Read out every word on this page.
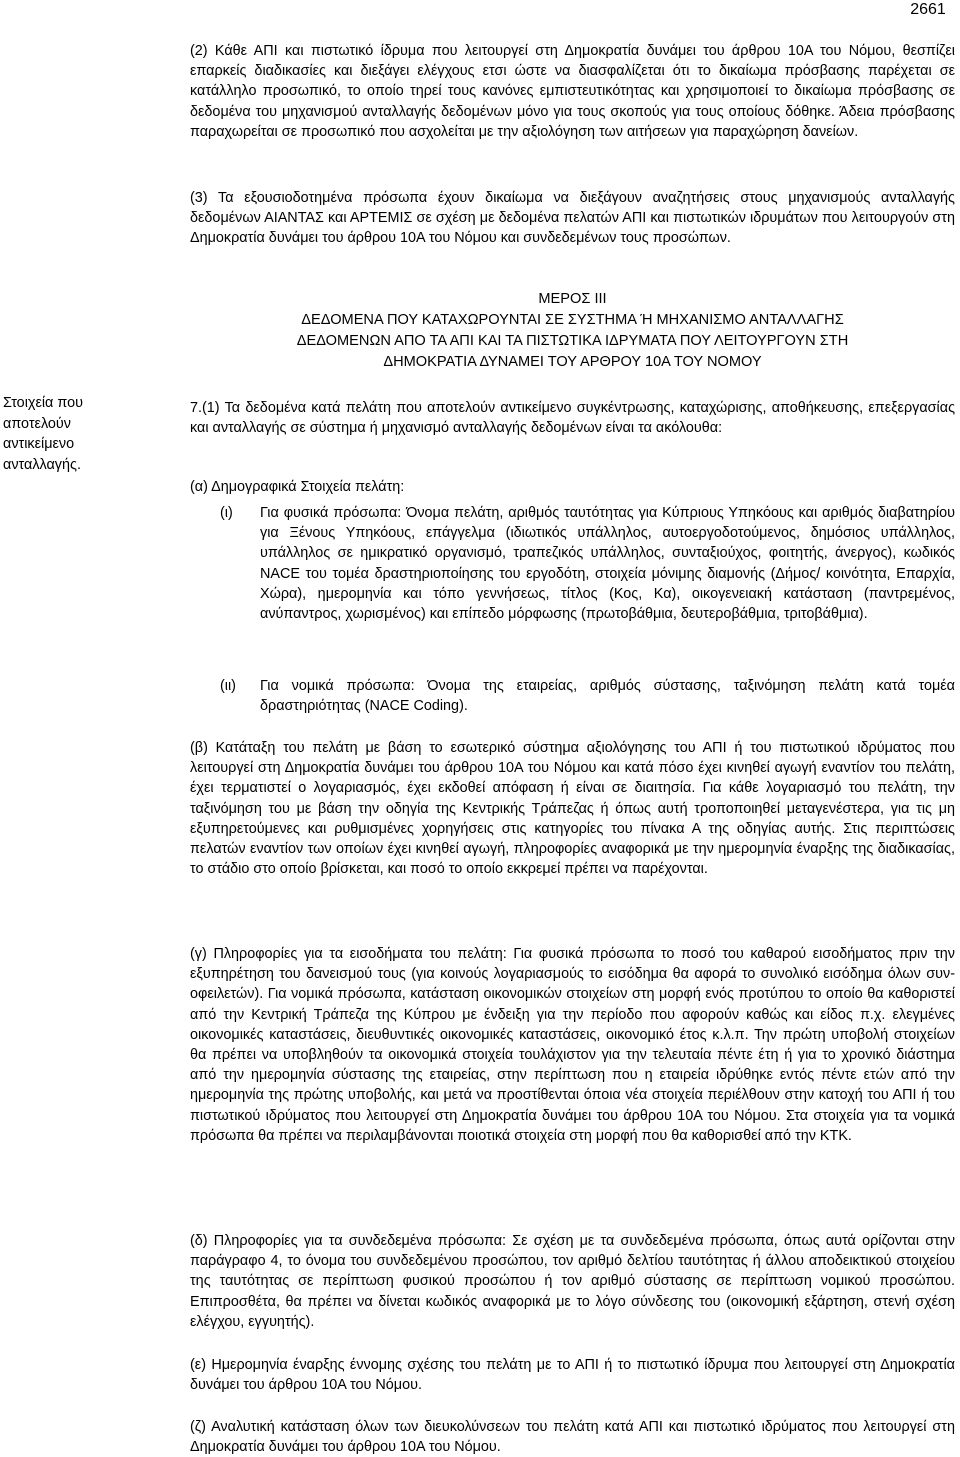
2661

(2) Κάθε ΑΠΙ και πιστωτικό ίδρυμα που λειτουργεί στη Δημοκρατία δυνάμει του άρθρου 10Α του Νόμου, θεσπίζει επαρκείς διαδικασίες και διεξάγει ελέγχους ετσι ώστε να διασφαλίζεται ότι το δικαίωμα πρόσβασης παρέχεται σε κατάλληλο προσωπικό, το οποίο τηρεί τους κανόνες εμπιστευτικότητας και χρησιμοποιεί το δικαίωμα πρόσβασης σε δεδομένα του μηχανισμού ανταλλαγής δεδομένων μόνο για τους σκοπούς για τους οποίους δόθηκε. Άδεια πρόσβασης παραχωρείται σε προσωπικό που ασχολείται με την αξιολόγηση των αιτήσεων για παραχώρηση δανείων.

(3) Τα εξουσιοδοτημένα πρόσωπα έχουν δικαίωμα να διεξάγουν αναζητήσεις στους μηχανισμούς ανταλλαγής δεδομένων ΑΙΑΝΤΑΣ και ΑΡΤΕΜΙΣ σε σχέση με δεδομένα πελατών ΑΠΙ και πιστωτικών ιδρυμάτων που λειτουργούν στη Δημοκρατία δυνάμει του άρθρου 10Α του Νόμου και συνδεδεμένων τους προσώπων.

ΜΕΡΟΣ ΙΙΙ
ΔΕΔΟΜΕΝΑ ΠΟΥ ΚΑΤΑΧΩΡΟΥΝΤΑΙ ΣΕ ΣΥΣΤΗΜΑ Ή ΜΗΧΑΝΙΣΜΟ ΑΝΤΑΛΛΑΓΗΣ
ΔΕΔΟΜΕΝΩΝ ΑΠΟ ΤΑ ΑΠΙ ΚΑΙ ΤΑ ΠΙΣΤΩΤΙΚΑ ΙΔΡΥΜΑΤΑ ΠΟΥ ΛΕΙΤΟΥΡΓΟΥΝ ΣΤΗ
ΔΗΜΟΚΡΑΤΙΑ ΔΥΝΑΜΕΙ ΤΟΥ ΑΡΘΡΟΥ 10Α ΤΟΥ ΝΟΜΟΥ
Στοιχεία που αποτελούν αντικείμενο ανταλλαγής.

7.(1) Τα δεδομένα κατά πελάτη που αποτελούν αντικείμενο συγκέντρωσης, καταχώρισης, αποθήκευσης, επεξεργασίας και ανταλλαγής σε σύστημα ή μηχανισμό ανταλλαγής δεδομένων είναι τα ακόλουθα:

(α) Δημογραφικά Στοιχεία πελάτη:

(ι)	Για φυσικά πρόσωπα: Όνομα πελάτη, αριθμός ταυτότητας για Κύπριους Υπηκόους και αριθμός διαβατηρίου για Ξένους Υπηκόους, επάγγελμα (ιδιωτικός υπάλληλος, αυτοεργοδοτούμενος, δημόσιος υπάλληλος, υπάλληλος σε ημικρατικό οργανισμό, τραπεζικός υπάλληλος, συνταξιούχος, φοιτητής, άνεργος), κωδικός NACE του τομέα δραστηριοποίησης του εργοδότη, στοιχεία μόνιμης διαμονής (Δήμος/ κοινότητα, Επαρχία, Χώρα), ημερομηνία και τόπο γεννήσεως, τίτλος (Κος, Κα), οικογενειακή κατάσταση (παντρεμένος, ανύπαντρος, χωρισμένος) και επίπεδο μόρφωσης (πρωτοβάθμια, δευτεροβάθμια, τριτοβάθμια).
(ιι)	Για νομικά πρόσωπα: Όνομα της εταιρείας, αριθμός σύστασης, ταξινόμηση πελάτη κατά τομέα δραστηριότητας (NACE Coding).

(β) Κατάταξη του πελάτη με βάση το εσωτερικό σύστημα αξιολόγησης του ΑΠΙ ή του πιστωτικού ιδρύματος που λειτουργεί στη Δημοκρατία δυνάμει του άρθρου 10Α του Νόμου και κατά πόσο έχει κινηθεί αγωγή εναντίον του πελάτη, έχει τερματιστεί ο λογαριασμός, έχει εκδοθεί απόφαση ή είναι σε διαιτησία. Για κάθε λογαριασμό του πελάτη, την ταξινόμηση του με βάση την οδηγία της Κεντρικής Τράπεζας ή όπως αυτή τροποποιηθεί μεταγενέστερα, για τις μη εξυπηρετούμενες και ρυθμισμένες χορηγήσεις στις κατηγορίες του πίνακα Α της οδηγίας αυτής. Στις περιπτώσεις πελατών εναντίον των οποίων έχει κινηθεί αγωγή, πληροφορίες αναφορικά με την ημερομηνία έναρξης της διαδικασίας, το στάδιο στο οποίο βρίσκεται, και ποσό το οποίο εκκρεμεί πρέπει να παρέχονται.

(γ) Πληροφορίες για τα εισοδήματα του πελάτη: Για φυσικά πρόσωπα το ποσό του καθαρού εισοδήματος πριν την εξυπηρέτηση του δανεισμού τους (για κοινούς λογαριασμούς το εισόδημα θα αφορά το συνολικό εισόδημα όλων συν-οφειλετών). Για νομικά πρόσωπα, κατάσταση οικονομικών στοιχείων στη μορφή ενός προτύπου το οποίο θα καθοριστεί από την Κεντρική Τράπεζα της Κύπρου με ένδειξη για την περίοδο που αφορούν καθώς και είδος π.χ. ελεγμένες οικονομικές καταστάσεις, διευθυντικές οικονομικές καταστάσεις, οικονομικό έτος κ.λ.π. Την πρώτη υποβολή στοιχείων θα πρέπει να υποβληθούν τα οικονομικά στοιχεία τουλάχιστον για την τελευταία πέντε έτη ή για το χρονικό διάστημα από την ημερομηνία σύστασης της εταιρείας, στην περίπτωση που η εταιρεία ιδρύθηκε εντός πέντε ετών από την ημερομηνία της πρώτης υποβολής, και μετά να προστίθενται όποια νέα στοιχεία περιέλθουν στην κατοχή του ΑΠΙ ή του πιστωτικού ιδρύματος που λειτουργεί στη Δημοκρατία δυνάμει του άρθρου 10Α του Νόμου. Στα στοιχεία για τα νομικά πρόσωπα θα πρέπει να περιλαμβάνονται ποιοτικά στοιχεία στη μορφή που θα καθορισθεί από την ΚΤΚ.

(δ) Πληροφορίες για τα συνδεδεμένα πρόσωπα: Σε σχέση με τα συνδεδεμένα πρόσωπα, όπως αυτά ορίζονται στην παράγραφο 4, το όνομα του συνδεδεμένου προσώπου, τον αριθμό δελτίου ταυτότητας ή άλλου αποδεικτικού στοιχείου της ταυτότητας σε περίπτωση φυσικού προσώπου ή τον αριθμό σύστασης σε περίπτωση νομικού προσώπου. Επιπροσθέτα, θα πρέπει να δίνεται κωδικός αναφορικά με το λόγο σύνδεσης του (οικονομική εξάρτηση, στενή σχέση ελέγχου, εγγυητής).

(ε) Ημερομηνία έναρξης έννομης σχέσης του πελάτη με το ΑΠΙ ή το πιστωτικό ίδρυμα που λειτουργεί στη Δημοκρατία δυνάμει του άρθρου 10Α του Νόμου.

(ζ) Αναλυτική κατάσταση όλων των διευκολύνσεων του πελάτη κατά ΑΠΙ και πιστωτικό ιδρύματος που λειτουργεί στη Δημοκρατία δυνάμει του άρθρου 10Α του Νόμου.
